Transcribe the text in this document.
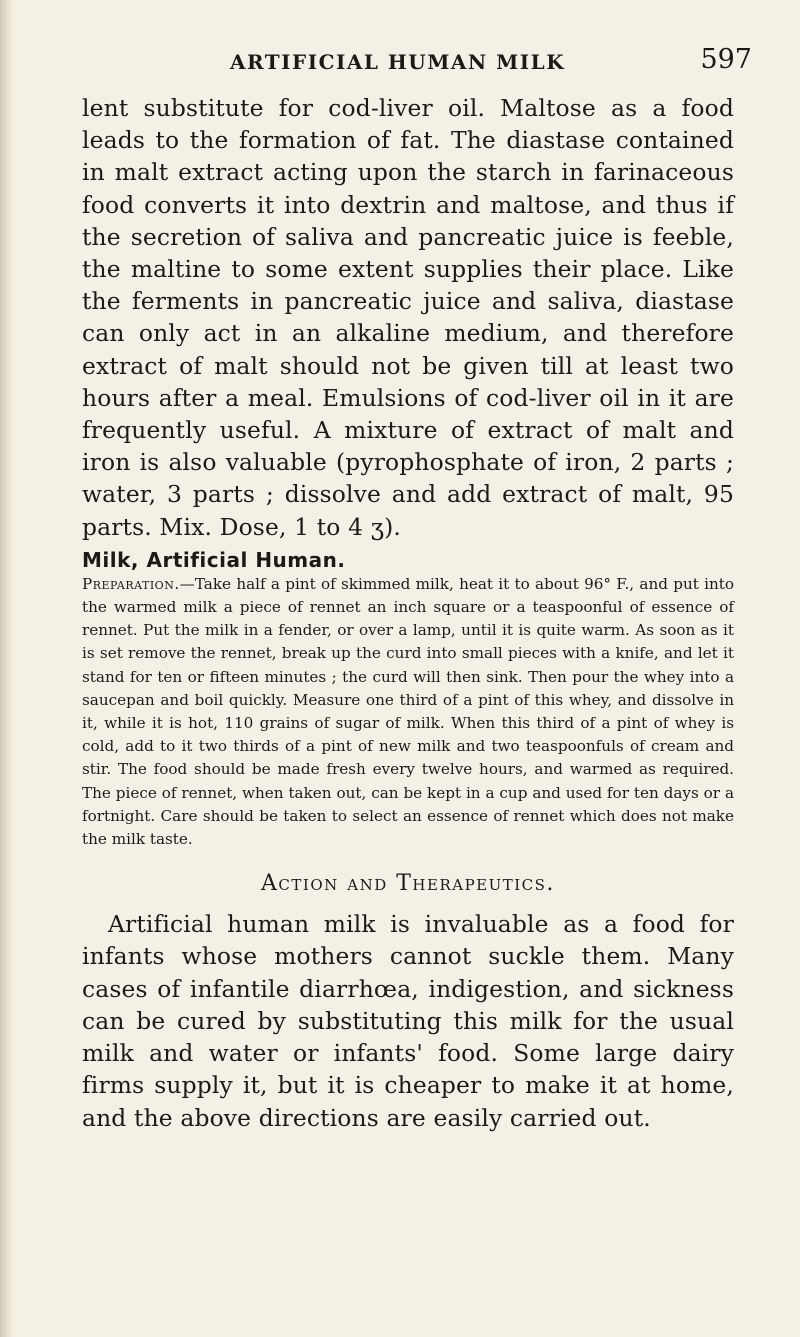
ARTIFICIAL HUMAN MILK	597

lent substitute for cod-liver oil. Maltose as a food leads to the formation of fat. The diastase contained in malt extract acting upon the starch in farinaceous food converts it into dextrin and maltose, and thus if the secretion of saliva and pancreatic juice is feeble, the maltine to some extent supplies their place. Like the ferments in pancreatic juice and saliva, diastase can only act in an alkaline medium, and therefore extract of malt should not be given till at least two hours after a meal. Emulsions of cod-liver oil in it are frequently useful. A mixture of extract of malt and iron is also valuable (pyrophosphate of iron, 2 parts ; water, 3 parts ; dissolve and add extract of malt, 95 parts. Mix. Dose, 1 to 4 ʒ).

Milk, Artificial Human.

Preparation.—Take half a pint of skimmed milk, heat it to about 96° F., and put into the warmed milk a piece of rennet an inch square or a teaspoonful of essence of rennet. Put the milk in a fender, or over a lamp, until it is quite warm. As soon as it is set remove the rennet, break up the curd into small pieces with a knife, and let it stand for ten or fifteen minutes ; the curd will then sink. Then pour the whey into a saucepan and boil quickly. Measure one third of a pint of this whey, and dissolve in it, while it is hot, 110 grains of sugar of milk. When this third of a pint of whey is cold, add to it two thirds of a pint of new milk and two teaspoonfuls of cream and stir. The food should be made fresh every twelve hours, and warmed as required. The piece of rennet, when taken out, can be kept in a cup and used for ten days or a fortnight. Care should be taken to select an essence of rennet which does not make the milk taste.

Action and Therapeutics.

Artificial human milk is invaluable as a food for infants whose mothers cannot suckle them. Many cases of infantile diarrhœa, indigestion, and sickness can be cured by substituting this milk for the usual milk and water or infants' food. Some large dairy firms supply it, but it is cheaper to make it at home, and the above directions are easily carried out.
